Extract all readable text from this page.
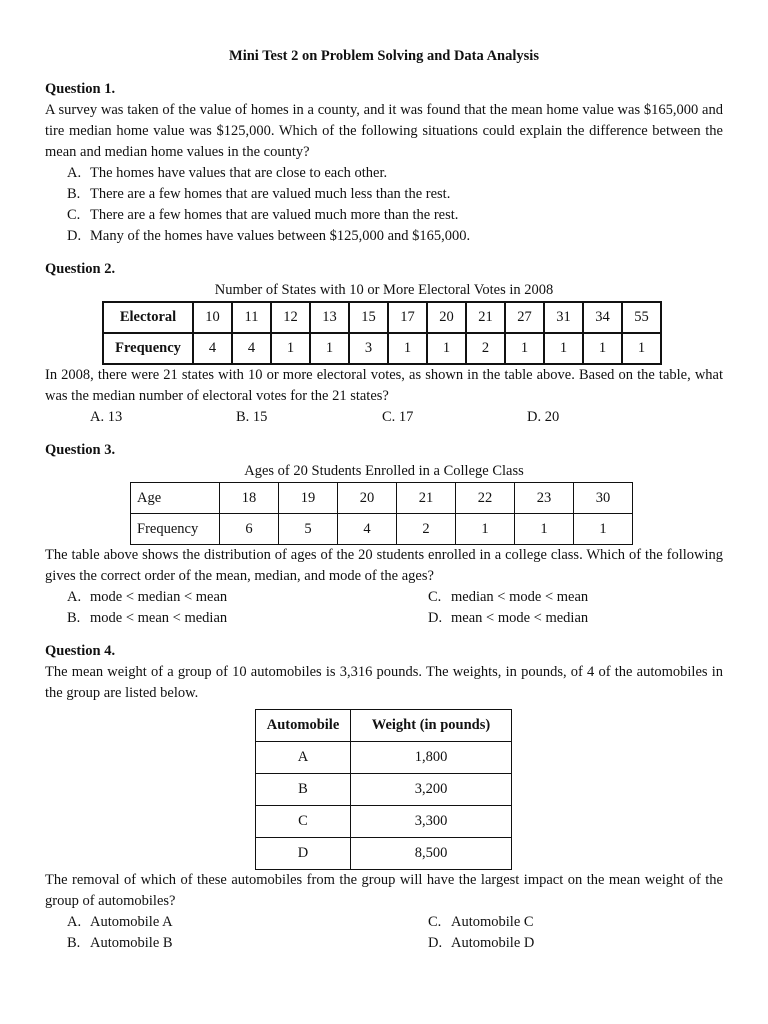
Mini Test 2 on Problem Solving and Data Analysis

Question 1.

A survey was taken of the value of homes in a county, and it was found that the mean home value was $165,000 and tire median home value was $125,000. Which of the following situations could explain the difference between the mean and median home values in the county?

A. The homes have values that are close to each other.
B. There are a few homes that are valued much less than the rest.
C. There are a few homes that are valued much more than the rest.
D. Many of the homes have values between $125,000 and $165,000.

Question 2.

Number of States with 10 or More Electoral Votes in 2008

Electoral	10	11	12	13	15	17	20	21	27	31	34	55
Frequency	4	4	1	1	3	1	1	2	1	1	1	1

In 2008, there were 21 states with 10 or more electoral votes, as shown in the table above. Based on the table, what was the median number of electoral votes for the 21 states?

A. 13	B. 15	C. 17	D. 20

Question 3.

Ages of 20 Students Enrolled in a College Class

Age	18	19	20	21	22	23	30
Frequency	6	5	4	2	1	1	1

The table above shows the distribution of ages of the 20 students enrolled in a college class. Which of the following gives the correct order of the mean, median, and mode of the ages?

A. mode < median < mean
B. mode < mean < median
C. median < mode < mean
D. mean < mode < median

Question 4.

The mean weight of a group of 10 automobiles is 3,316 pounds. The weights, in pounds, of 4 of the automobiles in the group are listed below.

Automobile	Weight (in pounds)
A	1,800
B	3,200
C	3,300
D	8,500

The removal of which of these automobiles from the group will have the largest impact on the mean weight of the group of automobiles?

A. Automobile A
B. Automobile B
C. Automobile C
D. Automobile D
